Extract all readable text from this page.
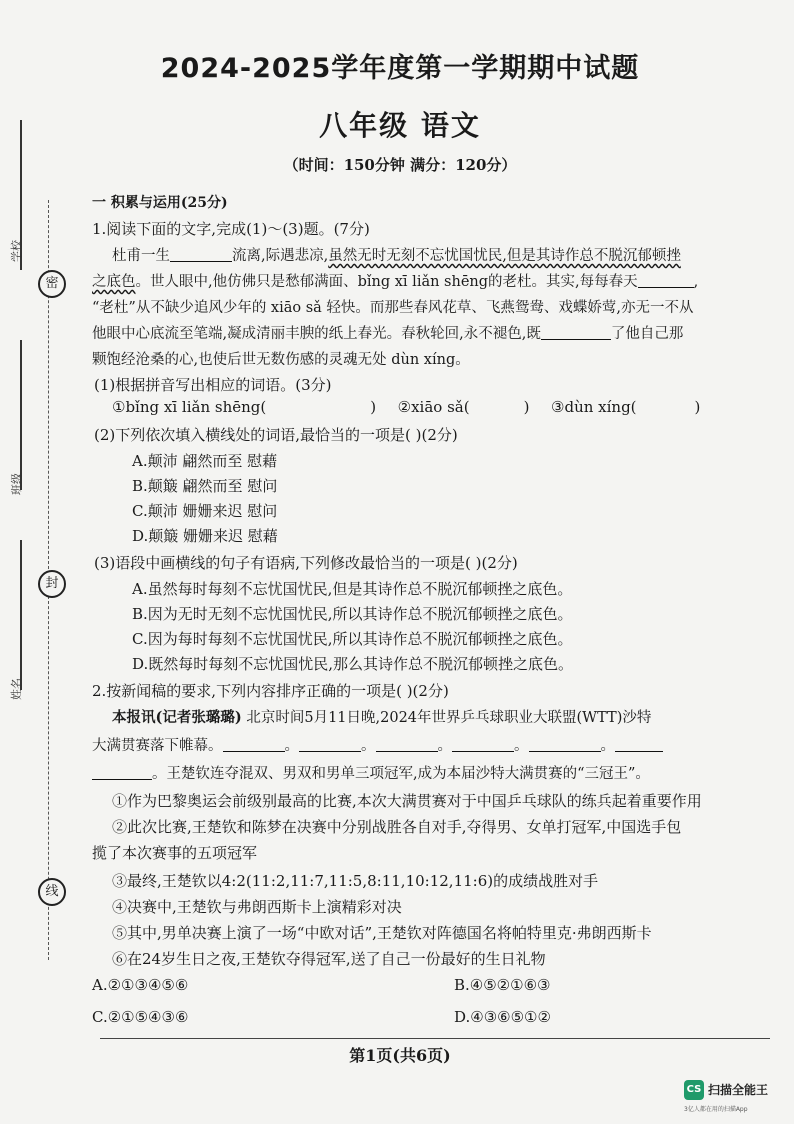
密
封
线
姓名
班级
学校
2024-2025学年度第一学期期中试题
八年级 语文
（时间：150分钟 满分：120分）
一 积累与运用(25分)
1.阅读下面的文字,完成(1)～(3)题。(7分)
杜甫一生	流离,际遇悲凉,虽然无时无刻不忘忧国忧民,但是其诗作总不脱沉郁顿挫
之底色。世人眼中,他仿佛只是愁郁满面、bǐng xī liǎn shēng的老杜。其实,每每春天	,
“老杜”从不缺少追风少年的 xiāo sǎ 轻快。而那些春风花草、飞燕鸳鸯、戏蝶娇莺,亦无一不从
他眼中心底流至笔端,凝成清丽丰腴的纸上春光。春秋轮回,永不褪色,既	了他自己那
颗饱经沧桑的心,也使后世无数伤感的灵魂无处 dùn xíng。
(1)根据拼音写出相应的词语。(3分)
①bǐng xī liǎn shēng(	) ②xiāo sǎ(	) ③dùn xíng(	)
(2)下列依次填入横线处的词语,最恰当的一项是( )(2分)
A.颠沛 翩然而至 慰藉
B.颠簸 翩然而至 慰问
C.颠沛 姗姗来迟 慰问
D.颠簸 姗姗来迟 慰藉
(3)语段中画横线的句子有语病,下列修改最恰当的一项是( )(2分)
A.虽然每时每刻不忘忧国忧民,但是其诗作总不脱沉郁顿挫之底色。
B.因为无时无刻不忘忧国忧民,所以其诗作总不脱沉郁顿挫之底色。
C.因为每时每刻不忘忧国忧民,所以其诗作总不脱沉郁顿挫之底色。
D.既然每时每刻不忘忧国忧民,那么其诗作总不脱沉郁顿挫之底色。
2.按新闻稿的要求,下列内容排序正确的一项是( )(2分)
本报讯(记者张璐璐) 北京时间5月11日晚,2024年世界乒乓球职业大联盟(WTT)沙特
大满贯赛落下帷幕。	。	。	。	。	。
。王楚钦连夺混双、男双和男单三项冠军,成为本届沙特大满贯赛的“三冠王”。
①作为巴黎奥运会前级别最高的比赛,本次大满贯赛对于中国乒乓球队的练兵起着重要作用
②此次比赛,王楚钦和陈梦在决赛中分别战胜各自对手,夺得男、女单打冠军,中国选手包
揽了本次赛事的五项冠军
③最终,王楚钦以4:2(11:2,11:7,11:5,8:11,10:12,11:6)的成绩战胜对手
④决赛中,王楚钦与弗朗西斯卡上演精彩对决
⑤其中,男单决赛上演了一场“中欧对话”,王楚钦对阵德国名将帕特里克·弗朗西斯卡
⑥在24岁生日之夜,王楚钦夺得冠军,送了自己一份最好的生日礼物
A.②①③④⑤⑥	B.④⑤②①⑥③
C.②①⑤④③⑥	D.④③⑥⑤①②
第1页(共6页)
CS 扫描全能王
3亿人都在用的扫描App
